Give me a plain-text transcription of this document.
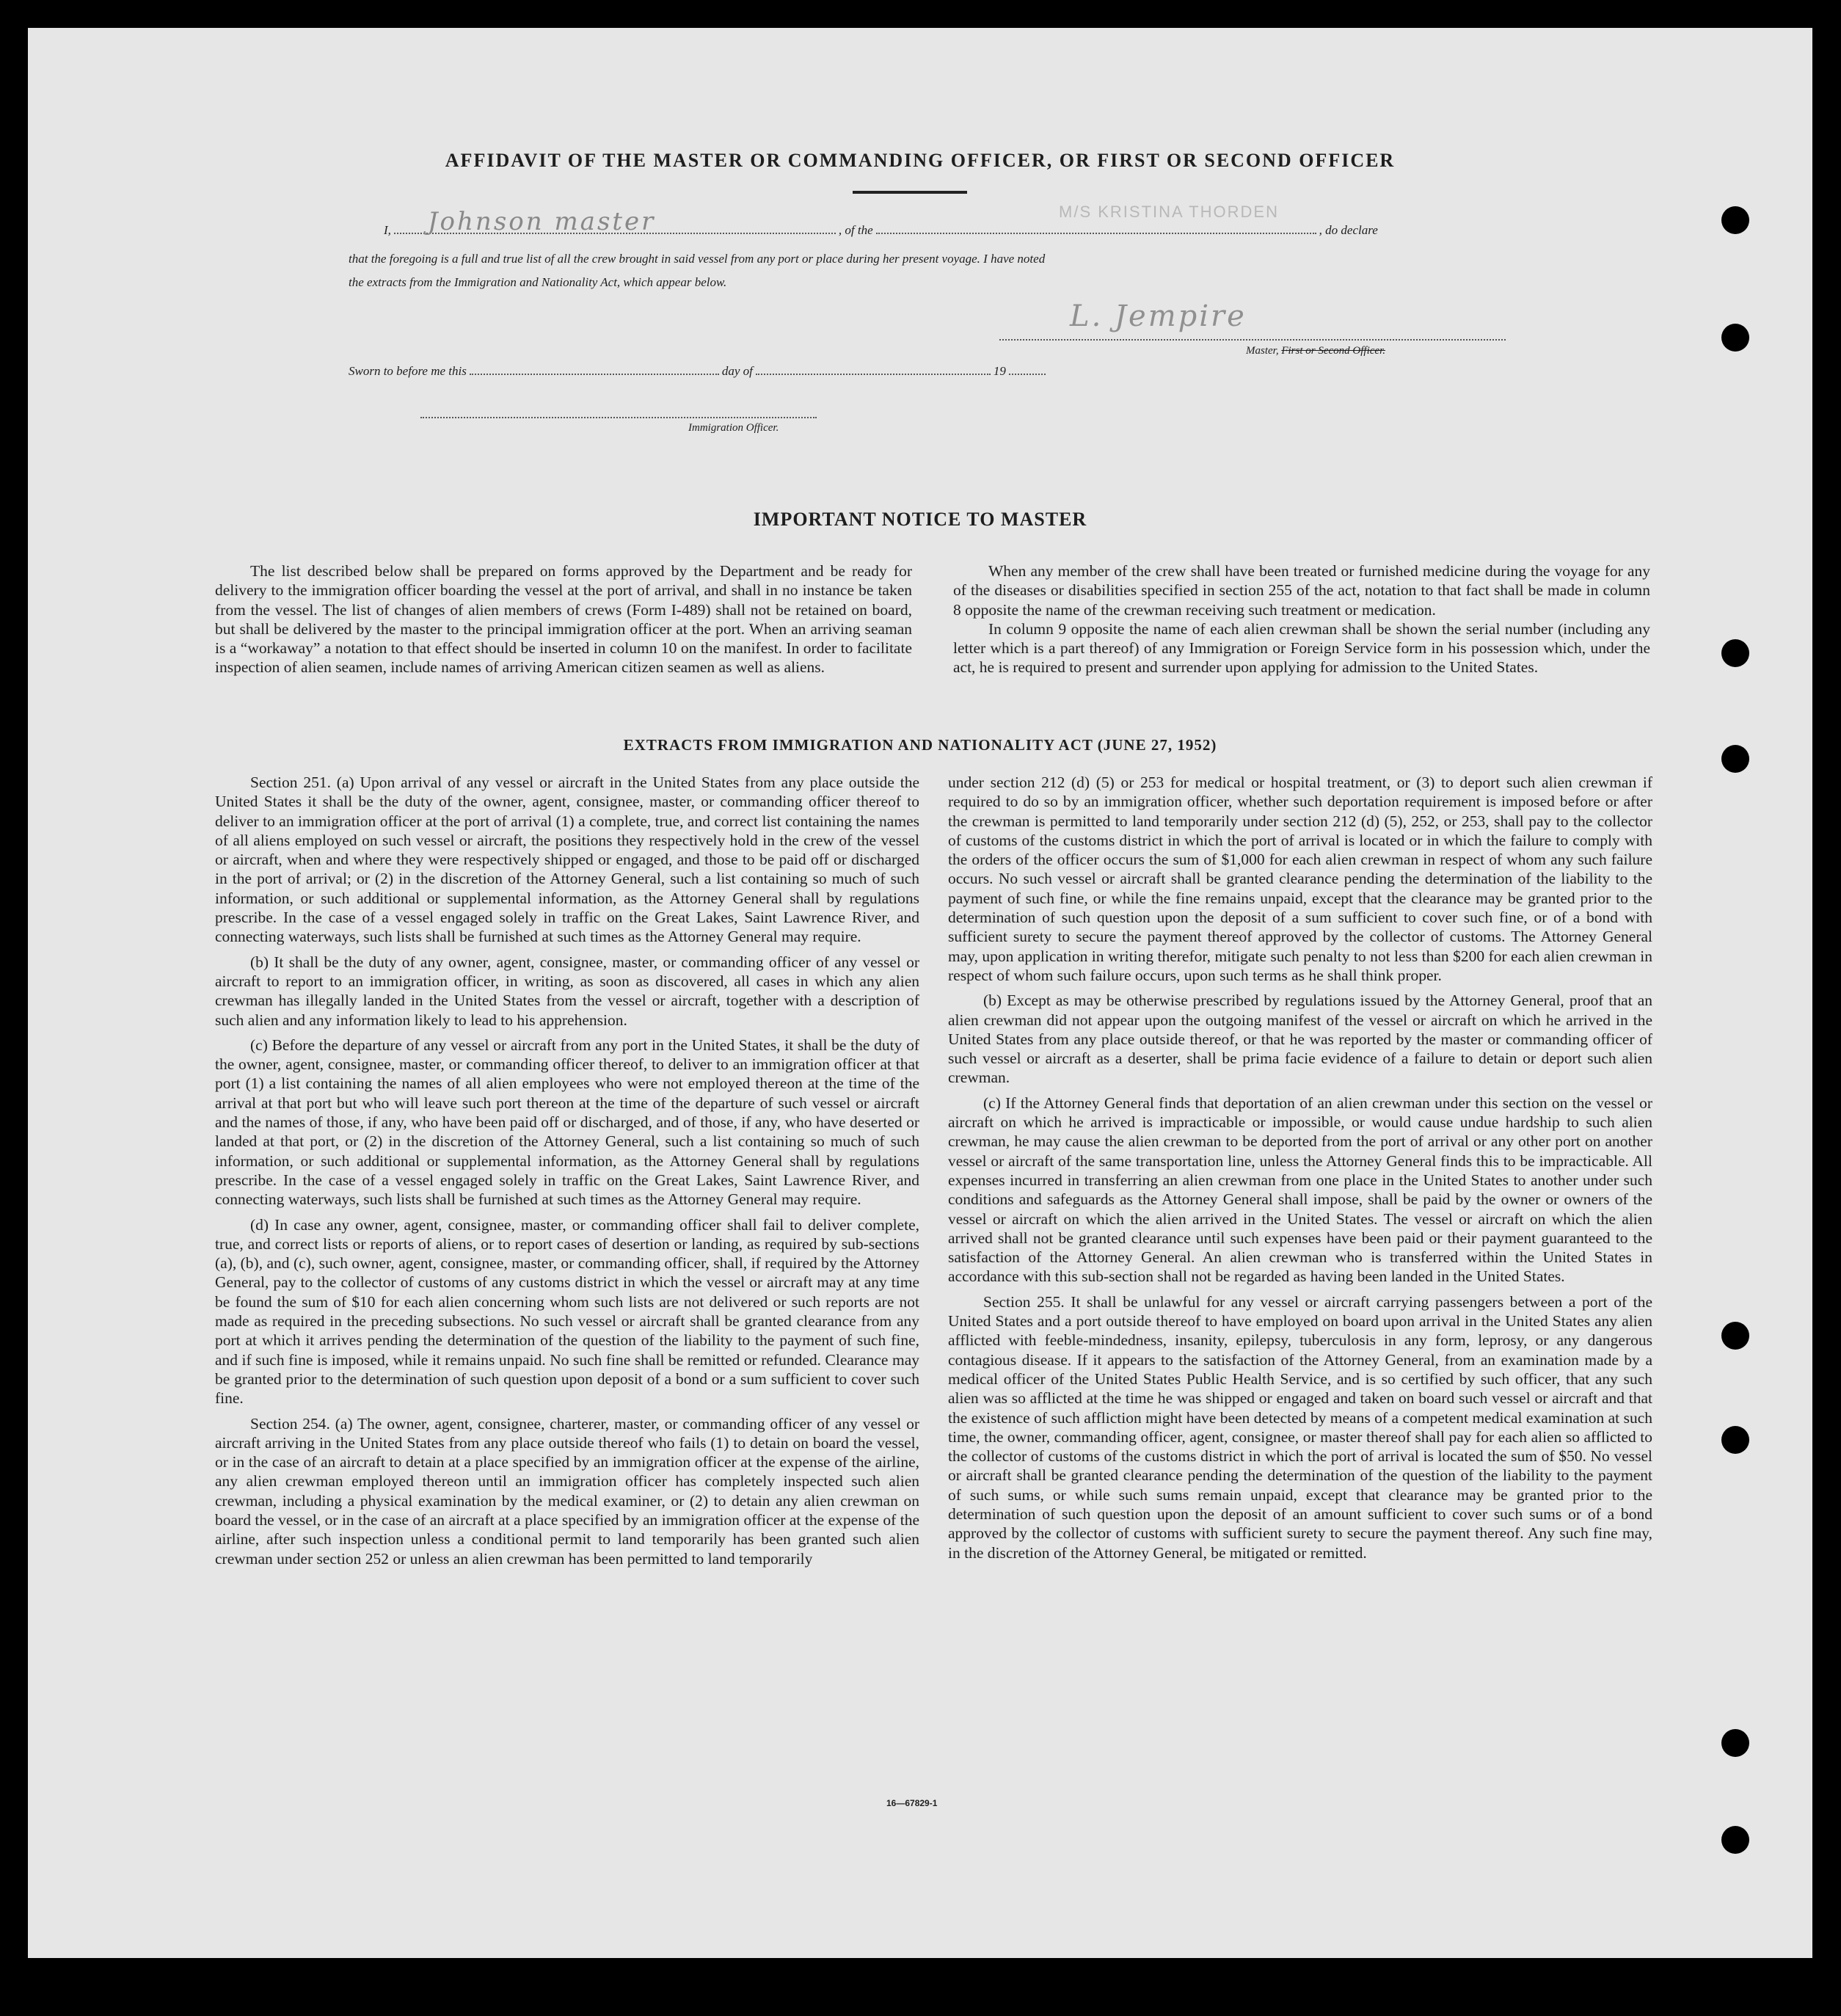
AFFIDAVIT OF THE MASTER OR COMMANDING OFFICER, OR FIRST OR SECOND OFFICER
M/S KRISTINA THORDEN
I, Johnson master	, of the	, do declare
that the foregoing is a full and true list of all the crew brought in said vessel from any port or place during her present voyage. I have noted
the extracts from the Immigration and Nationality Act, which appear below.
L. Jempire
Master, First or Second Officer.
Sworn to before me this	day of	19
Immigration Officer.
IMPORTANT NOTICE TO MASTER

The list described below shall be prepared on forms approved by the Department and be ready for delivery to the immigration officer boarding the vessel at the port of arrival, and shall in no instance be taken from the vessel. The list of changes of alien members of crews (Form I-489) shall not be retained on board, but shall be delivered by the master to the principal immigration officer at the port. When an arriving seaman is a “workaway” a notation to that effect should be inserted in column 10 on the manifest. In order to facilitate inspection of alien seamen, include names of arriving American citizen seamen as well as aliens.

When any member of the crew shall have been treated or furnished medicine during the voyage for any of the diseases or disabilities specified in section 255 of the act, notation to that fact shall be made in column 8 opposite the name of the crewman receiving such treatment or medication.

In column 9 opposite the name of each alien crewman shall be shown the serial number (including any letter which is a part thereof) of any Immigration or Foreign Service form in his possession which, under the act, he is required to present and surrender upon applying for admission to the United States.

EXTRACTS FROM IMMIGRATION AND NATIONALITY ACT (JUNE 27, 1952)

Section 251. (a) Upon arrival of any vessel or aircraft in the United States from any place outside the United States it shall be the duty of the owner, agent, consignee, master, or commanding officer thereof to deliver to an immigration officer at the port of arrival (1) a complete, true, and correct list containing the names of all aliens employed on such vessel or aircraft, the positions they respectively hold in the crew of the vessel or aircraft, when and where they were respectively shipped or engaged, and those to be paid off or discharged in the port of arrival; or (2) in the discretion of the Attorney General, such a list containing so much of such information, or such additional or supplemental information, as the Attorney General shall by regulations prescribe. In the case of a vessel engaged solely in traffic on the Great Lakes, Saint Lawrence River, and connecting waterways, such lists shall be furnished at such times as the Attorney General may require.

(b) It shall be the duty of any owner, agent, consignee, master, or commanding officer of any vessel or aircraft to report to an immigration officer, in writing, as soon as discovered, all cases in which any alien crewman has illegally landed in the United States from the vessel or aircraft, together with a description of such alien and any information likely to lead to his apprehension.

(c) Before the departure of any vessel or aircraft from any port in the United States, it shall be the duty of the owner, agent, consignee, master, or commanding officer thereof, to deliver to an immigration officer at that port (1) a list containing the names of all alien employees who were not employed thereon at the time of the arrival at that port but who will leave such port thereon at the time of the departure of such vessel or aircraft and the names of those, if any, who have been paid off or discharged, and of those, if any, who have deserted or landed at that port, or (2) in the discretion of the Attorney General, such a list containing so much of such information, or such additional or supplemental information, as the Attorney General shall by regulations prescribe. In the case of a vessel engaged solely in traffic on the Great Lakes, Saint Lawrence River, and connecting waterways, such lists shall be furnished at such times as the Attorney General may require.

(d) In case any owner, agent, consignee, master, or commanding officer shall fail to deliver complete, true, and correct lists or reports of aliens, or to report cases of desertion or landing, as required by sub-sections (a), (b), and (c), such owner, agent, consignee, master, or commanding officer, shall, if required by the Attorney General, pay to the collector of customs of any customs district in which the vessel or aircraft may at any time be found the sum of $10 for each alien concerning whom such lists are not delivered or such reports are not made as required in the preceding subsections. No such vessel or aircraft shall be granted clearance from any port at which it arrives pending the determination of the question of the liability to the payment of such fine, and if such fine is imposed, while it remains unpaid. No such fine shall be remitted or refunded. Clearance may be granted prior to the determination of such question upon deposit of a bond or a sum sufficient to cover such fine.

Section 254. (a) The owner, agent, consignee, charterer, master, or commanding officer of any vessel or aircraft arriving in the United States from any place outside thereof who fails (1) to detain on board the vessel, or in the case of an aircraft to detain at a place specified by an immigration officer at the expense of the airline, any alien crewman employed thereon until an immigration officer has completely inspected such alien crewman, including a physical examination by the medical examiner, or (2) to detain any alien crewman on board the vessel, or in the case of an aircraft at a place specified by an immigration officer at the expense of the airline, after such inspection unless a conditional permit to land temporarily has been granted such alien crewman under section 252 or unless an alien crewman has been permitted to land temporarily

under section 212 (d) (5) or 253 for medical or hospital treatment, or (3) to deport such alien crewman if required to do so by an immigration officer, whether such deportation requirement is imposed before or after the crewman is permitted to land temporarily under section 212 (d) (5), 252, or 253, shall pay to the collector of customs of the customs district in which the port of arrival is located or in which the failure to comply with the orders of the officer occurs the sum of $1,000 for each alien crewman in respect of whom any such failure occurs. No such vessel or aircraft shall be granted clearance pending the determination of the liability to the payment of such fine, or while the fine remains unpaid, except that the clearance may be granted prior to the determination of such question upon the deposit of a sum sufficient to cover such fine, or of a bond with sufficient surety to secure the payment thereof approved by the collector of customs. The Attorney General may, upon application in writing therefor, mitigate such penalty to not less than $200 for each alien crewman in respect of whom such failure occurs, upon such terms as he shall think proper.

(b) Except as may be otherwise prescribed by regulations issued by the Attorney General, proof that an alien crewman did not appear upon the outgoing manifest of the vessel or aircraft on which he arrived in the United States from any place outside thereof, or that he was reported by the master or commanding officer of such vessel or aircraft as a deserter, shall be prima facie evidence of a failure to detain or deport such alien crewman.

(c) If the Attorney General finds that deportation of an alien crewman under this section on the vessel or aircraft on which he arrived is impracticable or impossible, or would cause undue hardship to such alien crewman, he may cause the alien crewman to be deported from the port of arrival or any other port on another vessel or aircraft of the same transportation line, unless the Attorney General finds this to be impracticable. All expenses incurred in transferring an alien crewman from one place in the United States to another under such conditions and safeguards as the Attorney General shall impose, shall be paid by the owner or owners of the vessel or aircraft on which the alien arrived in the United States. The vessel or aircraft on which the alien arrived shall not be granted clearance until such expenses have been paid or their payment guaranteed to the satisfaction of the Attorney General. An alien crewman who is transferred within the United States in accordance with this sub-section shall not be regarded as having been landed in the United States.

Section 255. It shall be unlawful for any vessel or aircraft carrying passengers between a port of the United States and a port outside thereof to have employed on board upon arrival in the United States any alien afflicted with feeble-mindedness, insanity, epilepsy, tuberculosis in any form, leprosy, or any dangerous contagious disease. If it appears to the satisfaction of the Attorney General, from an examination made by a medical officer of the United States Public Health Service, and is so certified by such officer, that any such alien was so afflicted at the time he was shipped or engaged and taken on board such vessel or aircraft and that the existence of such affliction might have been detected by means of a competent medical examination at such time, the owner, commanding officer, agent, consignee, or master thereof shall pay for each alien so afflicted to the collector of customs of the customs district in which the port of arrival is located the sum of $50. No vessel or aircraft shall be granted clearance pending the determination of the question of the liability to the payment of such sums, or while such sums remain unpaid, except that clearance may be granted prior to the determination of such question upon the deposit of an amount sufficient to cover such sums or of a bond approved by the collector of customs with sufficient surety to secure the payment thereof. Any such fine may, in the discretion of the Attorney General, be mitigated or remitted.

16—67829-1
